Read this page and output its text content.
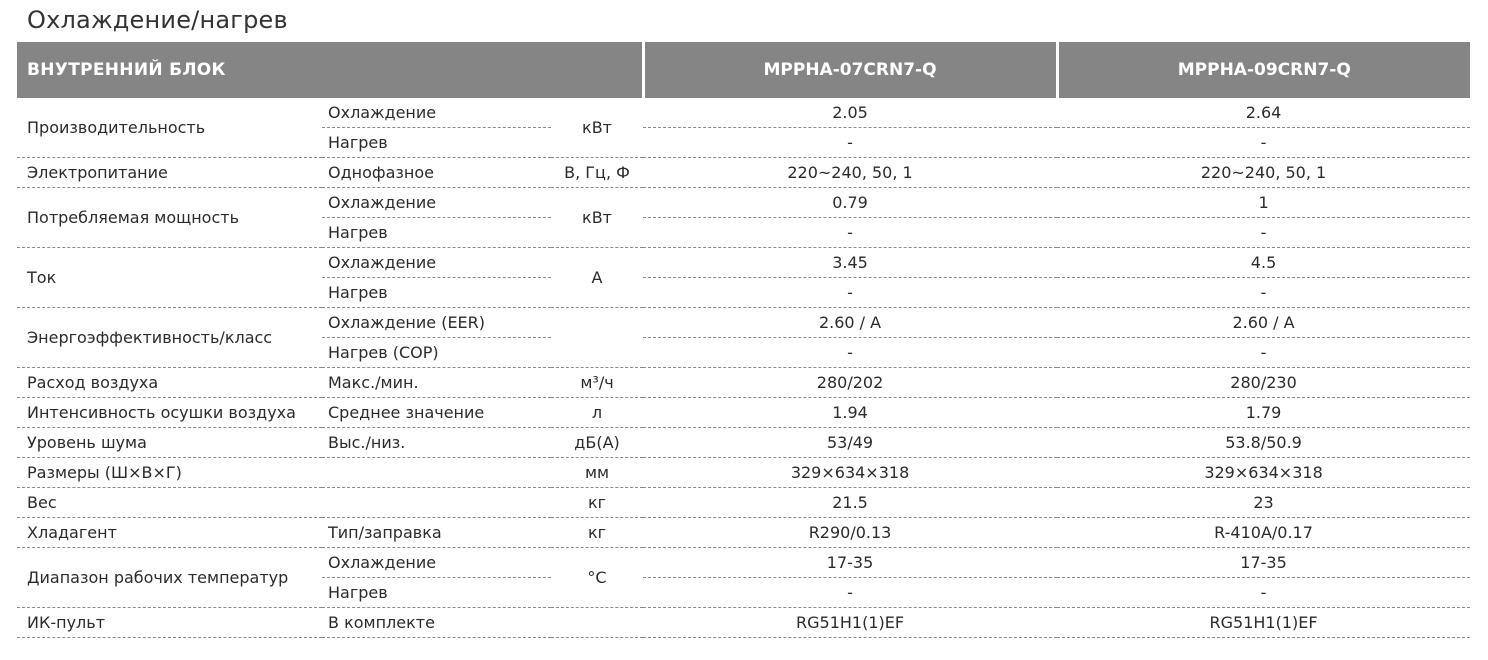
Охлаждение/нагрев
ВНУТРЕННИЙ БЛОК			MPPHA-07CRN7-Q	MPPHA-09CRN7-Q
Производительность	Охлаждение	кВт	2.05	2.64
	Нагрев		-	-
Электропитание	Однофазное	В, Гц, Ф	220~240, 50, 1	220~240, 50, 1
Потребляемая мощность	Охлаждение	кВт	0.79	1
	Нагрев		-	-
Ток	Охлаждение	А	3.45	4.5
	Нагрев		-	-
Энергоэффективность/класс	Охлаждение (EER)		2.60 / A	2.60 / A
	Нагрев (COP)		-	-
Расход воздуха	Макс./мин.	м³/ч	280/202	280/230
Интенсивность осушки воздуха	Среднее значение	л	1.94	1.79
Уровень шума	Выс./низ.	дБ(А)	53/49	53.8/50.9
Размеры (Ш×В×Г)		мм	329×634×318	329×634×318
Вес		кг	21.5	23
Хладагент	Тип/заправка	кг	R290/0.13	R-410A/0.17
Диапазон рабочих температур	Охлаждение	°С	17-35	17-35
	Нагрев		-	-
ИК-пульт	В комплекте		RG51H1(1)EF	RG51H1(1)EF
